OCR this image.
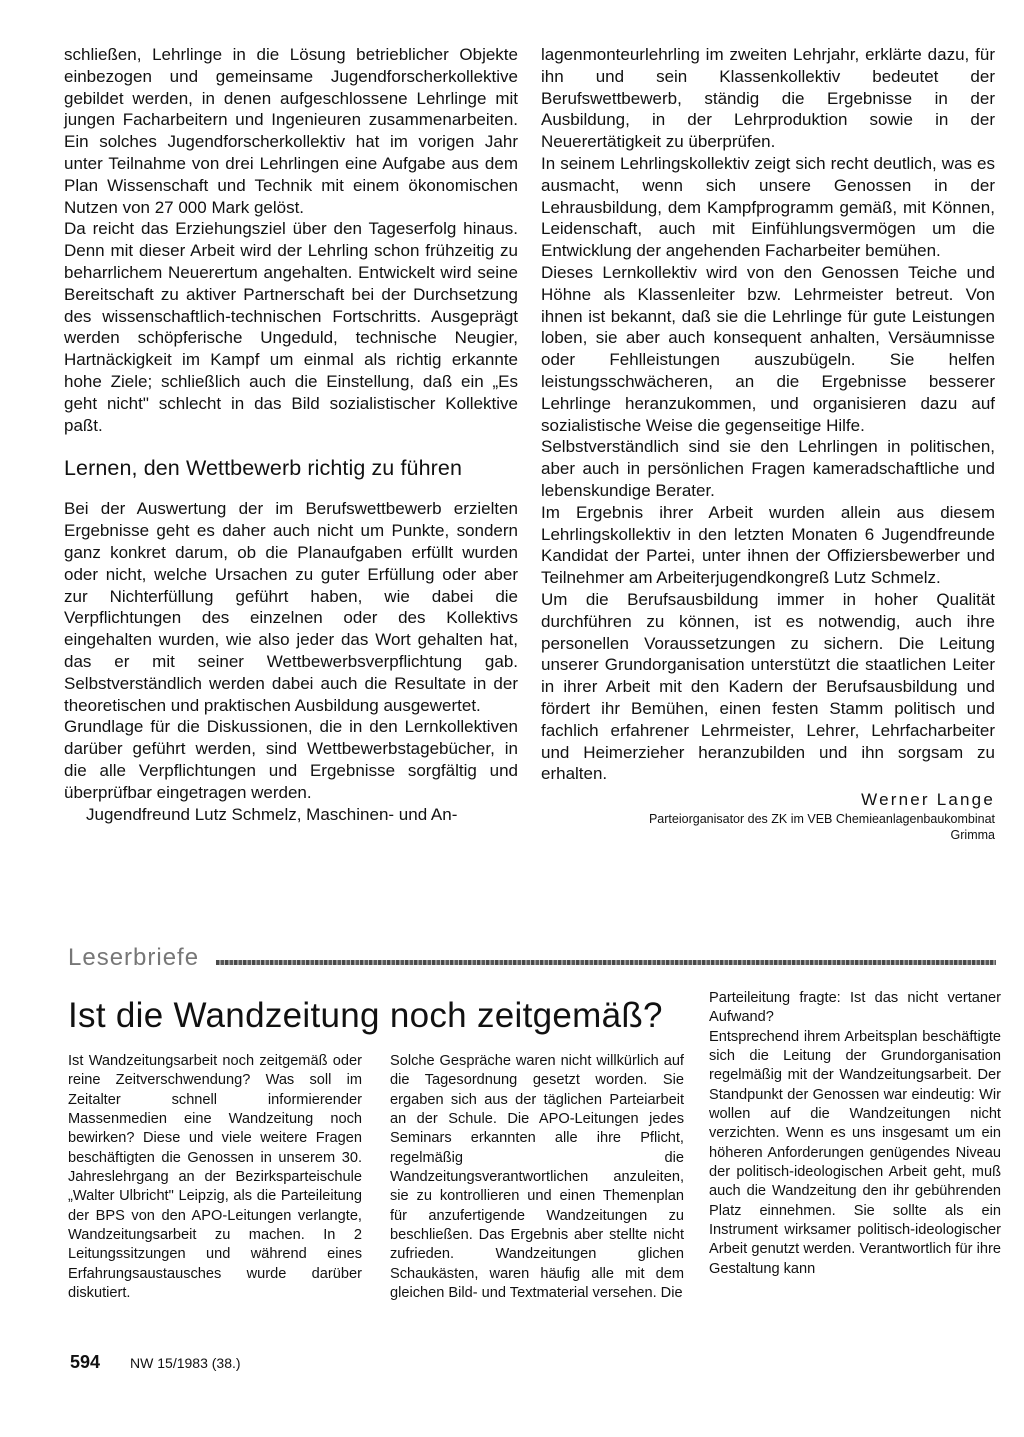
schließen, Lehrlinge in die Lösung betrieblicher Objekte einbezogen und gemeinsame Jugendforscherkollektive gebildet werden, in denen aufgeschlossene Lehrlinge mit jungen Facharbeitern und Ingenieuren zusammenarbeiten. Ein solches Jugendforscherkollektiv hat im vorigen Jahr unter Teilnahme von drei Lehrlingen eine Aufgabe aus dem Plan Wissenschaft und Technik mit einem ökonomischen Nutzen von 27 000 Mark gelöst.

Da reicht das Erziehungsziel über den Tageserfolg hinaus. Denn mit dieser Arbeit wird der Lehrling schon frühzeitig zu beharrlichem Neuerertum angehalten. Entwickelt wird seine Bereitschaft zu aktiver Partnerschaft bei der Durchsetzung des wissenschaftlich-technischen Fortschritts. Ausgeprägt werden schöpferische Ungeduld, technische Neugier, Hartnäckigkeit im Kampf um einmal als richtig erkannte hohe Ziele; schließlich auch die Einstellung, daß ein „Es geht nicht" schlecht in das Bild sozialistischer Kollektive paßt.

Lernen, den Wettbewerb richtig zu führen

Bei der Auswertung der im Berufswettbewerb erzielten Ergebnisse geht es daher auch nicht um Punkte, sondern ganz konkret darum, ob die Planaufgaben erfüllt wurden oder nicht, welche Ursachen zu guter Erfüllung oder aber zur Nichterfüllung geführt haben, wie dabei die Verpflichtungen des einzelnen oder des Kollektivs eingehalten wurden, wie also jeder das Wort gehalten hat, das er mit seiner Wettbewerbsverpflichtung gab. Selbstverständlich werden dabei auch die Resultate in der theoretischen und praktischen Ausbildung ausgewertet.

Grundlage für die Diskussionen, die in den Lernkollektiven darüber geführt werden, sind Wettbewerbstagebücher, in die alle Verpflichtungen und Ergebnisse sorgfältig und überprüfbar eingetragen werden.

Jugendfreund Lutz Schmelz, Maschinen- und An-

lagenmonteurlehrling im zweiten Lehrjahr, erklärte dazu, für ihn und sein Klassenkollektiv bedeutet der Berufswettbewerb, ständig die Ergebnisse in der Ausbildung, in der Lehrproduktion sowie in der Neuerertätigkeit zu überprüfen.

In seinem Lehrlingskollektiv zeigt sich recht deutlich, was es ausmacht, wenn sich unsere Genossen in der Lehrausbildung, dem Kampfprogramm gemäß, mit Können, Leidenschaft, auch mit Einfühlungsvermögen um die Entwicklung der angehenden Facharbeiter bemühen.

Dieses Lernkollektiv wird von den Genossen Teiche und Höhne als Klassenleiter bzw. Lehrmeister betreut. Von ihnen ist bekannt, daß sie die Lehrlinge für gute Leistungen loben, sie aber auch konsequent anhalten, Versäumnisse oder Fehlleistungen auszubügeln. Sie helfen leistungsschwächeren, an die Ergebnisse besserer Lehrlinge heranzukommen, und organisieren dazu auf sozialistische Weise die gegenseitige Hilfe.

Selbstverständlich sind sie den Lehrlingen in politischen, aber auch in persönlichen Fragen kameradschaftliche und lebenskundige Berater.

Im Ergebnis ihrer Arbeit wurden allein aus diesem Lehrlingskollektiv in den letzten Monaten 6 Jugendfreunde Kandidat der Partei, unter ihnen der Offiziersbewerber und Teilnehmer am Arbeiterjugendkongreß Lutz Schmelz.

Um die Berufsausbildung immer in hoher Qualität durchführen zu können, ist es notwendig, auch ihre personellen Voraussetzungen zu sichern. Die Leitung unserer Grundorganisation unterstützt die staatlichen Leiter in ihrer Arbeit mit den Kadern der Berufsausbildung und fördert ihr Bemühen, einen festen Stamm politisch und fachlich erfahrener Lehrmeister, Lehrer, Lehrfacharbeiter und Heimerzieher heranzubilden und ihn sorgsam zu erhalten.

Werner Lange
Parteiorganisator des ZK im VEB Chemieanlagenbaukombinat
Grimma
Leserbriefe
Ist die Wandzeitung noch zeitgemäß?

Ist Wandzeitungsarbeit noch zeitgemäß oder reine Zeitverschwendung? Was soll im Zeitalter schnell informierender Massenmedien eine Wandzeitung noch bewirken? Diese und viele weitere Fragen beschäftigten die Genossen in unserem 30. Jahreslehrgang an der Bezirksparteischule „Walter Ulbricht" Leipzig, als die Parteileitung der BPS von den APO-Leitungen verlangte, Wandzeitungsarbeit zu machen. In 2 Leitungssitzungen und während eines Erfahrungsaustausches wurde darüber diskutiert.

Solche Gespräche waren nicht willkürlich auf die Tagesordnung gesetzt worden. Sie ergaben sich aus der täglichen Parteiarbeit an der Schule. Die APO-Leitungen jedes Seminars erkannten alle ihre Pflicht, regelmäßig die Wandzeitungsverantwortlichen anzuleiten, sie zu kontrollieren und einen Themenplan für anzufertigende Wandzeitungen zu beschließen. Das Ergebnis aber stellte nicht zufrieden. Wandzeitungen glichen Schaukästen, waren häufig alle mit dem gleichen Bild- und Textmaterial versehen. Die

Parteileitung fragte: Ist das nicht vertaner Aufwand?

Entsprechend ihrem Arbeitsplan beschäftigte sich die Leitung der Grundorganisation regelmäßig mit der Wandzeitungsarbeit. Der Standpunkt der Genossen war eindeutig: Wir wollen auf die Wandzeitungen nicht verzichten. Wenn es uns insgesamt um ein höheren Anforderungen genügendes Niveau der politisch-ideologischen Arbeit geht, muß auch die Wandzeitung den ihr gebührenden Platz einnehmen. Sie sollte als ein Instrument wirksamer politisch-ideologischer Arbeit genutzt werden. Verantwortlich für ihre Gestaltung kann

594 NW 15/1983 (38.)
